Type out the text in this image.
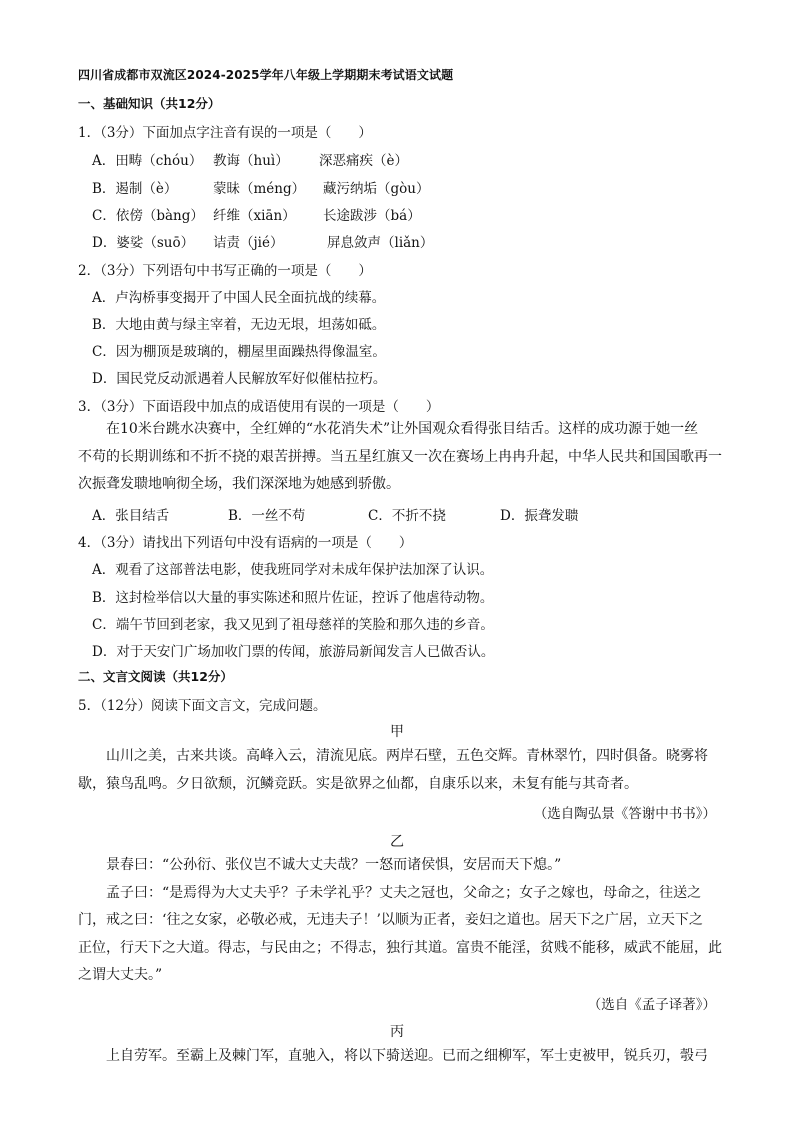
四川省成都市双流区2024-2025学年八年级上学期期末考试语文试题
一、基础知识（共12分）
1．（3分）下面加点字注音有误的一项是（　　）
A．田畴（chóu） 教诲（huì） 深恶痛疾（è）
B．遏制（è）	蒙昧（méng） 藏污纳垢（gòu）
C．依傍（bàng） 纤维（xiān） 长途跋涉（bá）
D．婆娑（suō） 诘责（jié）	屏息敛声（liǎn）
2．（3分）下列语句中书写正确的一项是（　　）
A．卢沟桥事变揭开了中国人民全面抗战的续幕。
B．大地由黄与绿主宰着，无边无垠，坦荡如砥。
C．因为棚顶是玻璃的，棚屋里面躁热得像温室。
D．国民党反动派遇着人民解放军好似催枯拉朽。
3．（3分）下面语段中加点的成语使用有误的一项是（　　）
　　在10米台跳水决赛中，全红婵的“水花消失术”让外国观众看得张目结舌。这样的成功源于她一丝
不苟的长期训练和不折不挠的艰苦拼搏。当五星红旗又一次在赛场上冉冉升起，中华人民共和国国歌再一
次振聋发聩地响彻全场，我们深深地为她感到骄傲。
A．张目结舌	B．一丝不苟	C．不折不挠	D．振聋发聩
4．（3分）请找出下列语句中没有语病的一项是（　　）
A．观看了这部普法电影，使我班同学对未成年保护法加深了认识。
B．这封检举信以大量的事实陈述和照片佐证，控诉了他虐待动物。
C．端午节回到老家，我又见到了祖母慈祥的笑脸和那久违的乡音。
D．对于天安门广场加收门票的传闻，旅游局新闻发言人已做否认。
二、文言文阅读（共12分）
5．（12分）阅读下面文言文，完成问题。
甲
　　山川之美，古来共谈。高峰入云，清流见底。两岸石壁，五色交辉。青林翠竹，四时俱备。晓雾将
歇，猿鸟乱鸣。夕日欲颓，沉鳞竞跃。实是欲界之仙都，自康乐以来，未复有能与其奇者。
（选自陶弘景《答谢中书书》）
乙
　　景春曰：“公孙衍、张仪岂不诚大丈夫哉？一怒而诸侯惧，安居而天下熄。”
　　孟子曰：“是焉得为大丈夫乎？子未学礼乎？丈夫之冠也，父命之；女子之嫁也，母命之，往送之
门，戒之曰：‘往之女家，必敬必戒，无违夫子！’以顺为正者，妾妇之道也。居天下之广居，立天下之
正位，行天下之大道。得志，与民由之；不得志，独行其道。富贵不能淫，贫贱不能移，威武不能屈，此
之谓大丈夫。”
（选自《孟子译著》）
丙
　　上自劳军。至霸上及棘门军，直驰入，将以下骑送迎。已而之细柳军，军士吏被甲，锐兵刃，彀弓
